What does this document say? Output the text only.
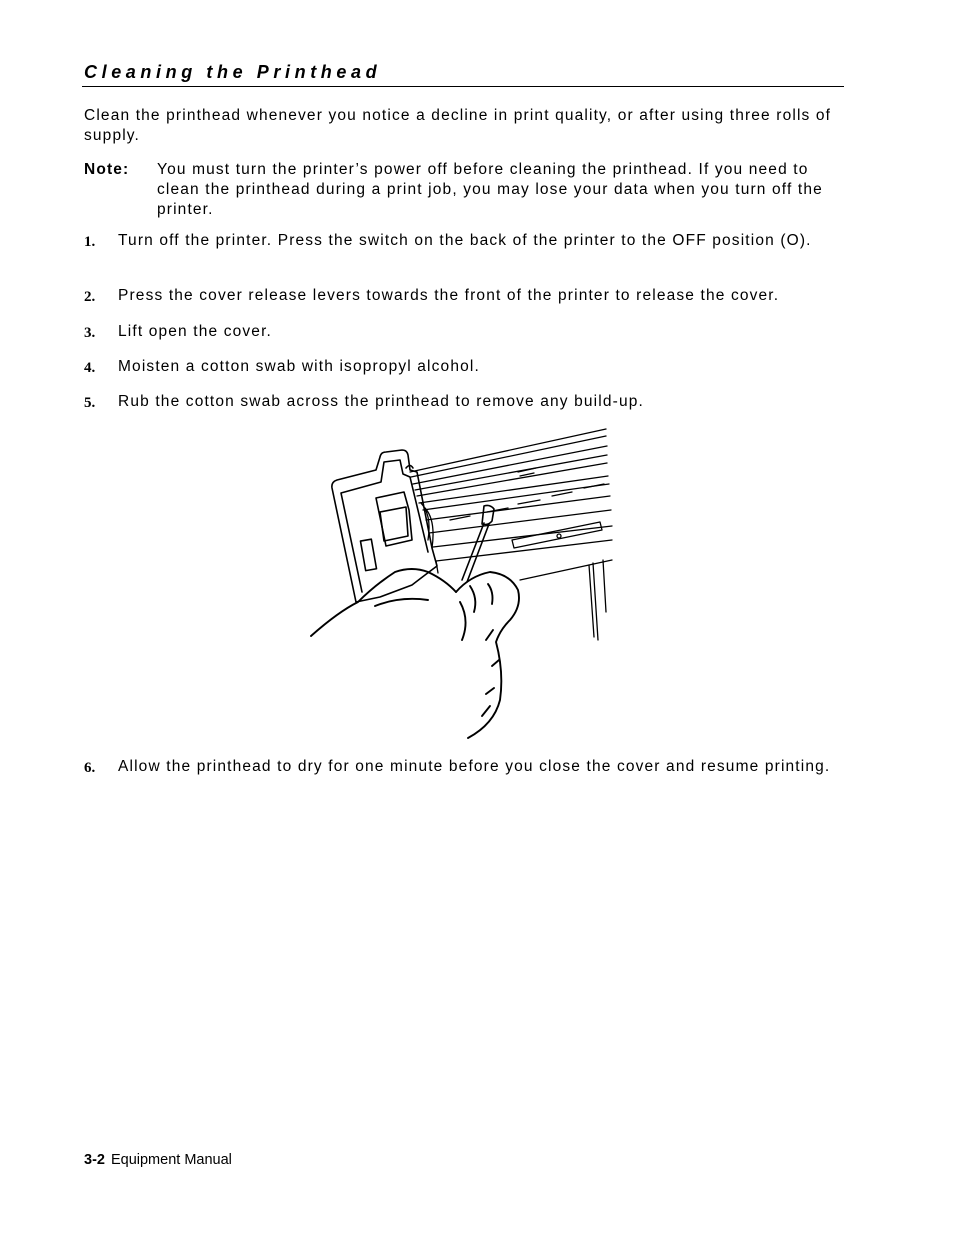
Cleaning the Printhead

Clean the printhead whenever you notice a decline in print quality, or after using three rolls of supply.

Note: You must turn the printer’s power off before cleaning the printhead. If you need to clean the printhead during a print job, you may lose your data when you turn off the printer.

1. Turn off the printer. Press the switch on the back of the printer to the OFF position (O).

2. Press the cover release levers towards the front of the printer to release the cover.

3. Lift open the cover.

4. Moisten a cotton swab with isopropyl alcohol.

5. Rub the cotton swab across the printhead to remove any build-up.

6. Allow the printhead to dry for one minute before you close the cover and resume printing.

3-2 Equipment Manual
